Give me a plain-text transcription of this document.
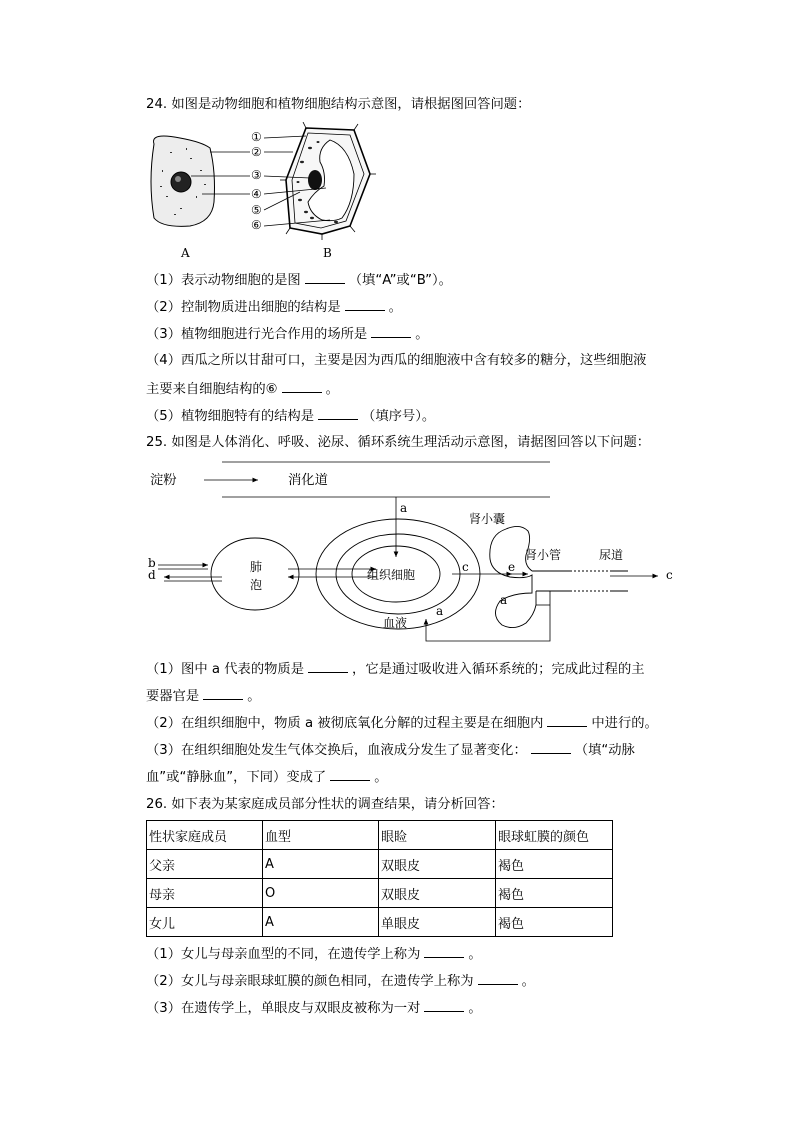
24. 如图是动物细胞和植物细胞结构示意图，请根据图回答问题：
①
②
③
④
⑤
⑥
A	B
（1）表示动物细胞的是图	（填“A”或“B”）。
（2）控制物质进出细胞的结构是	。
（3）植物细胞进行光合作用的场所是	。
（4）西瓜之所以甘甜可口，主要是因为西瓜的细胞液中含有较多的糖分，这些细胞液
主要来自细胞结构的⑥	。
（5）植物细胞特有的结构是	（填序号）。
25. 如图是人体消化、呼吸、泌尿、循环系统生理活动示意图，请据图回答以下问题：
淀粉	消化道
a
肾小囊
肾小管	尿道
b
d
肺
泡
组织细胞
c	e
c
a
a
血液
（1）图中 a 代表的物质是	，它是通过吸收进入循环系统的；完成此过程的主
要器官是	。
（2）在组织细胞中，物质 a 被彻底氧化分解的过程主要是在细胞内	中进行的。
（3）在组织细胞处发生气体交换后，血液成分发生了显著变化：	（填“动脉
血”或“静脉血”，下同）变成了	。
26. 如下表为某家庭成员部分性状的调查结果，请分析回答：
性状家庭成员	血型	眼睑	眼球虹膜的颜色
父亲	A	双眼皮	褐色
母亲	O	双眼皮	褐色
女儿	A	单眼皮	褐色
（1）女儿与母亲血型的不同，在遗传学上称为	。
（2）女儿与母亲眼球虹膜的颜色相同，在遗传学上称为	。
（3）在遗传学上，单眼皮与双眼皮被称为一对	。
